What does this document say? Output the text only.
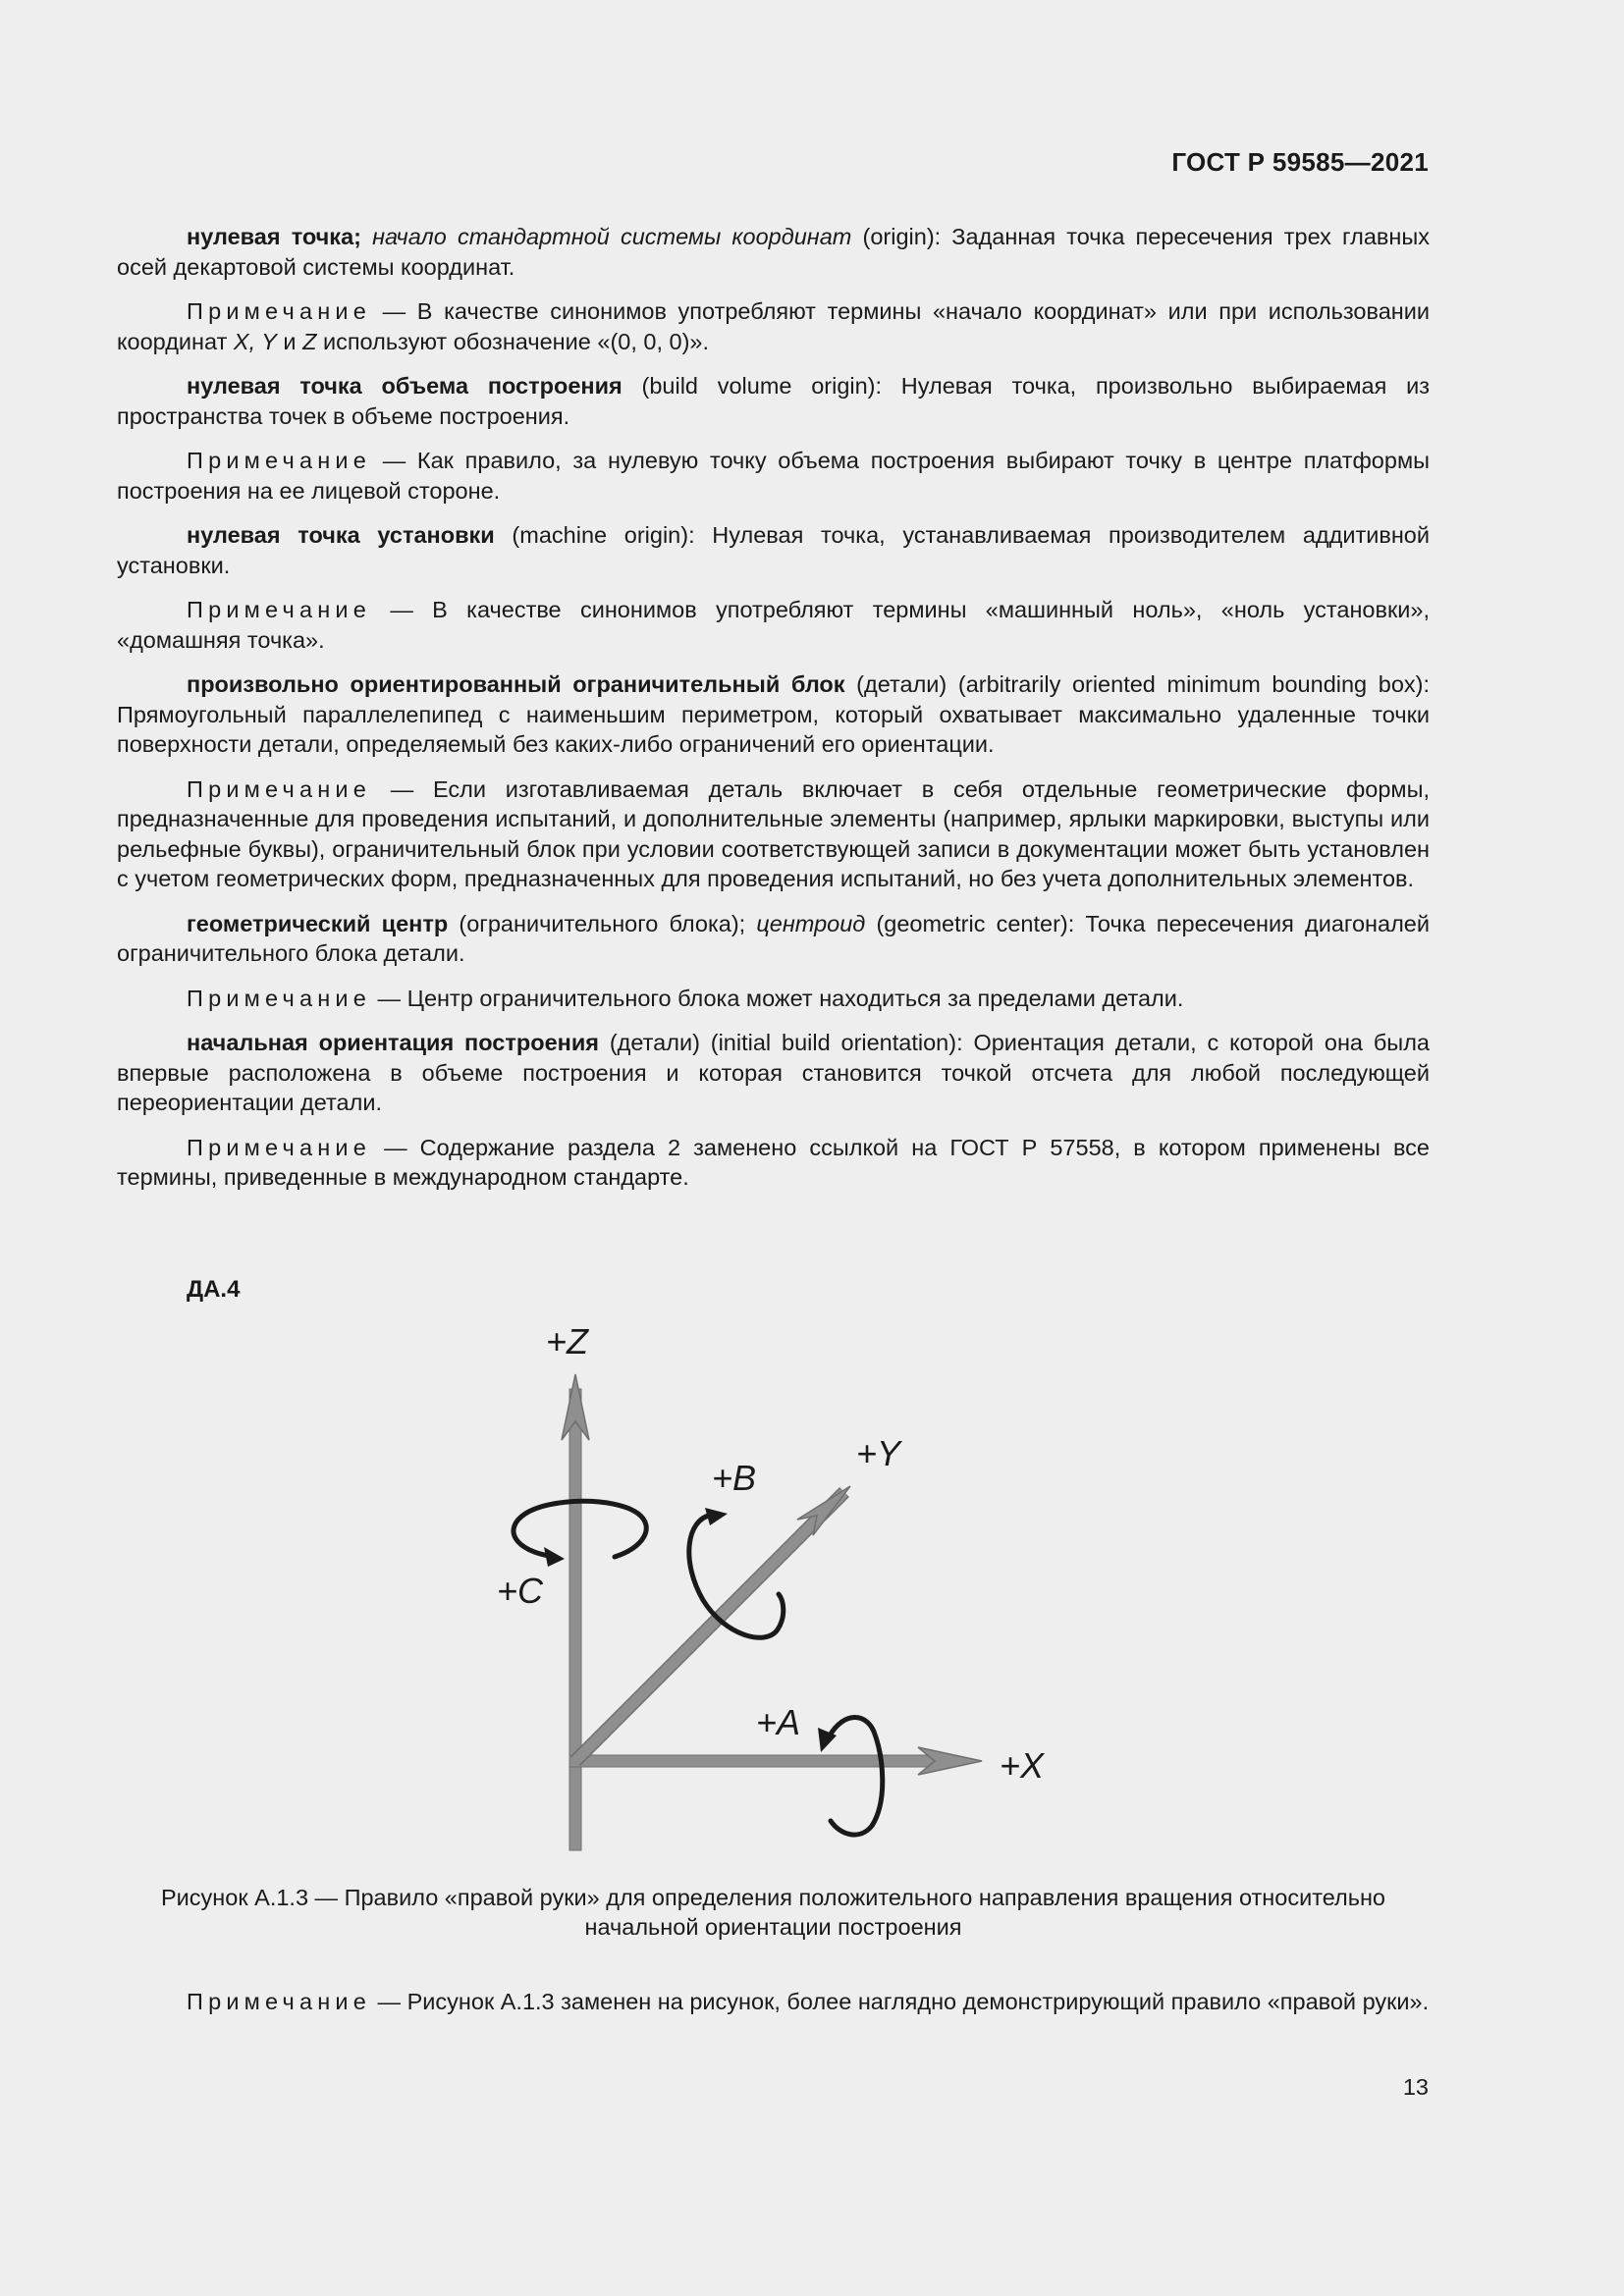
ГОСТ Р 59585—2021

нулевая точка; начало стандартной системы координат (origin): Заданная точка пересечения трех главных осей декартовой системы координат.

Примечание — В качестве синонимов употребляют термины «начало координат» или при использовании координат X, Y и Z используют обозначение «(0, 0, 0)».

нулевая точка объема построения (build volume origin): Нулевая точка, произвольно выбираемая из пространства точек в объеме построения.

Примечание — Как правило, за нулевую точку объема построения выбирают точку в центре платформы построения на ее лицевой стороне.

нулевая точка установки (machine origin): Нулевая точка, устанавливаемая производителем аддитивной установки.

Примечание — В качестве синонимов употребляют термины «машинный ноль», «ноль установки», «домашняя точка».

произвольно ориентированный ограничительный блок (детали) (arbitrarily oriented minimum bounding box): Прямоугольный параллелепипед с наименьшим периметром, который охватывает максимально удаленные точки поверхности детали, определяемый без каких-либо ограничений его ориентации.

Примечание — Если изготавливаемая деталь включает в себя отдельные геометрические формы, предназначенные для проведения испытаний, и дополнительные элементы (например, ярлыки маркировки, выступы или рельефные буквы), ограничительный блок при условии соответствующей записи в документации может быть установлен с учетом геометрических форм, предназначенных для проведения испытаний, но без учета дополнительных элементов.

геометрический центр (ограничительного блока); центроид (geometric center): Точка пересечения диагоналей ограничительного блока детали.

Примечание — Центр ограничительного блока может находиться за пределами детали.

начальная ориентация построения (детали) (initial build orientation): Ориентация детали, с которой она была впервые расположена в объеме построения и которая становится точкой отсчета для любой последующей переориентации детали.

Примечание — Содержание раздела 2 заменено ссылкой на ГОСТ Р 57558, в котором применены все термины, приведенные в международном стандарте.

ДА.4
+Z
+Y
+X
+B
+C
+A
Рисунок А.1.3 — Правило «правой руки» для определения положительного направления вращения относительно
начальной ориентации построения
Примечание — Рисунок А.1.3 заменен на рисунок, более наглядно демонстрирующий правило «правой руки».
13
